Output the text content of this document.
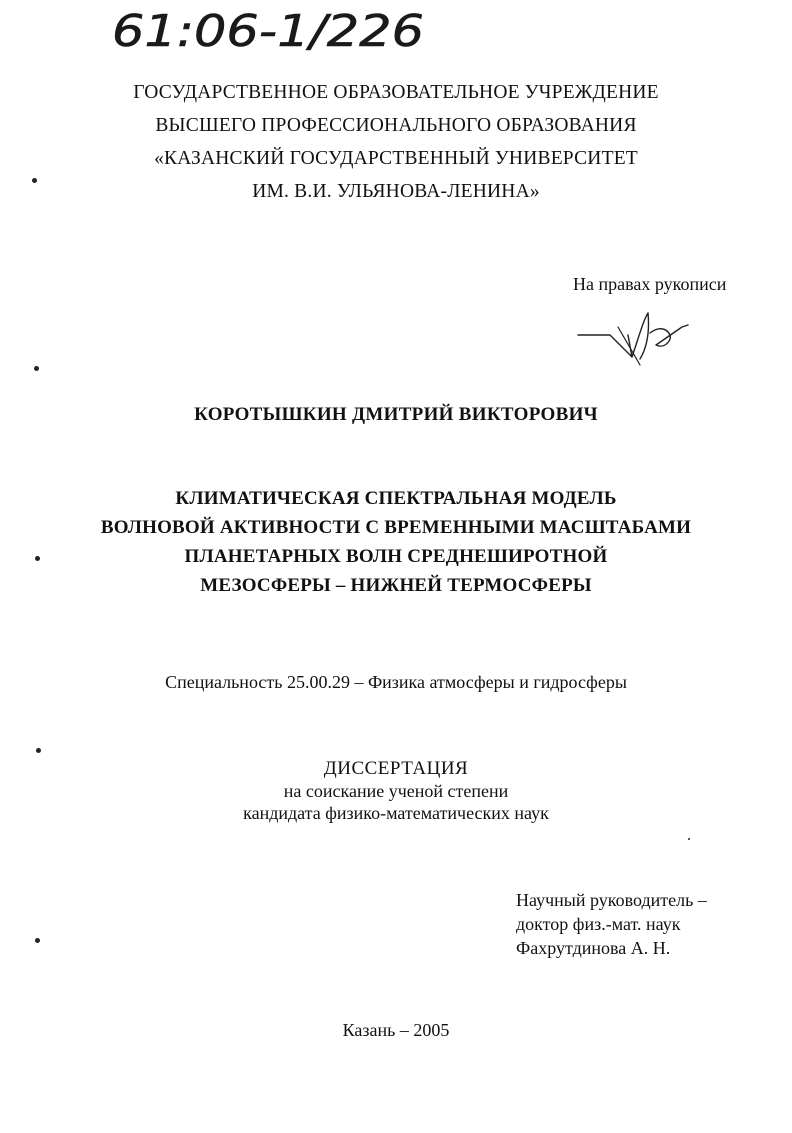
61:06-1/226
ГОСУДАРСТВЕННОЕ ОБРАЗОВАТЕЛЬНОЕ УЧРЕЖДЕНИЕ
ВЫСШЕГО ПРОФЕССИОНАЛЬНОГО ОБРАЗОВАНИЯ
«КАЗАНСКИЙ ГОСУДАРСТВЕННЫЙ УНИВЕРСИТЕТ
ИМ. В.И. УЛЬЯНОВА-ЛЕНИНА»
На правах рукописи
КОРОТЫШКИН ДМИТРИЙ ВИКТОРОВИЧ
КЛИМАТИЧЕСКАЯ СПЕКТРАЛЬНАЯ МОДЕЛЬ
ВОЛНОВОЙ АКТИВНОСТИ С ВРЕМЕННЫМИ МАСШТАБАМИ
ПЛАНЕТАРНЫХ ВОЛН СРЕДНЕШИРОТНОЙ
МЕЗОСФЕРЫ – НИЖНЕЙ ТЕРМОСФЕРЫ
Специальность 25.00.29 – Физика атмосферы и гидросферы
ДИССЕРТАЦИЯ
на соискание ученой степени
кандидата физико-математических наук
Научный руководитель –
доктор физ.-мат. наук
Фахрутдинова А. Н.
Казань – 2005
